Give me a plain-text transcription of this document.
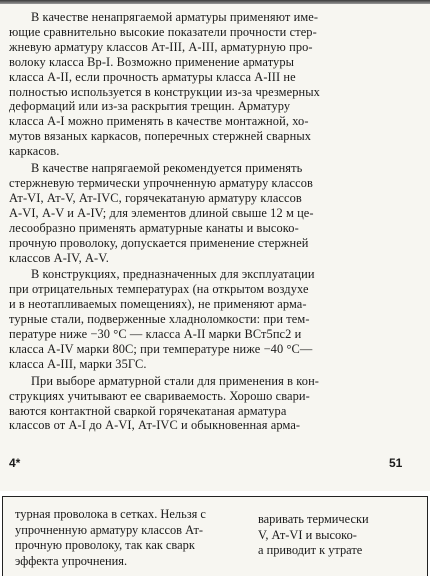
В качестве ненапрягаемой арматуры применяют име-
ющие сравнительно высокие показатели прочности стер-
жневую арматуру классов Ат-III, А-III, арматурную про-
волоку класса Вр-I. Возможно применение арматуры
класса А-II, если прочность арматуры класса А-III не
полностью используется в конструкции из-за чрезмерных
деформаций или из-за раскрытия трещин. Арматуру
класса А-I можно применять в качестве монтажной, хо-
мутов вязаных каркасов, поперечных стержней сварных
каркасов.

В качестве напрягаемой рекомендуется применять
стержневую термически упрочненную арматуру классов
Ат-VI, Ат-V, Ат-IVC, горячекатаную арматуру классов
А-VI, А-V и А-IV; для элементов длиной свыше 12 м це-
лесообразно применять арматурные канаты и высоко-
прочную проволоку, допускается применение стержней
классов А-IV, А-V.

В конструкциях, предназначенных для эксплуатации
при отрицательных температурах (на открытом воздухе
и в неотапливаемых помещениях), не применяют арма-
турные стали, подверженные хладноломкости: при тем-
пературе ниже −30 °С — класса А-II марки ВСт5пс2 и
класса А-IV марки 80С; при температуре ниже −40 °С—
класса А-III, марки 35ГС.

При выборе арматурной стали для применения в кон-
струкциях учитывают ее свариваемость. Хорошо свари-
ваются контактной сваркой горячекатаная арматура
классов от А-I до А-VI, Ат-IVC и обыкновенная арма-

4*	51
турная проволока в сетках. Нельзя с
упрочненную арматуру классов Ат-
прочную проволоку, так как сварк
эффекта упрочнения.
варивать термически
V, Ат-VI и высоко-
а приводит к утрате
